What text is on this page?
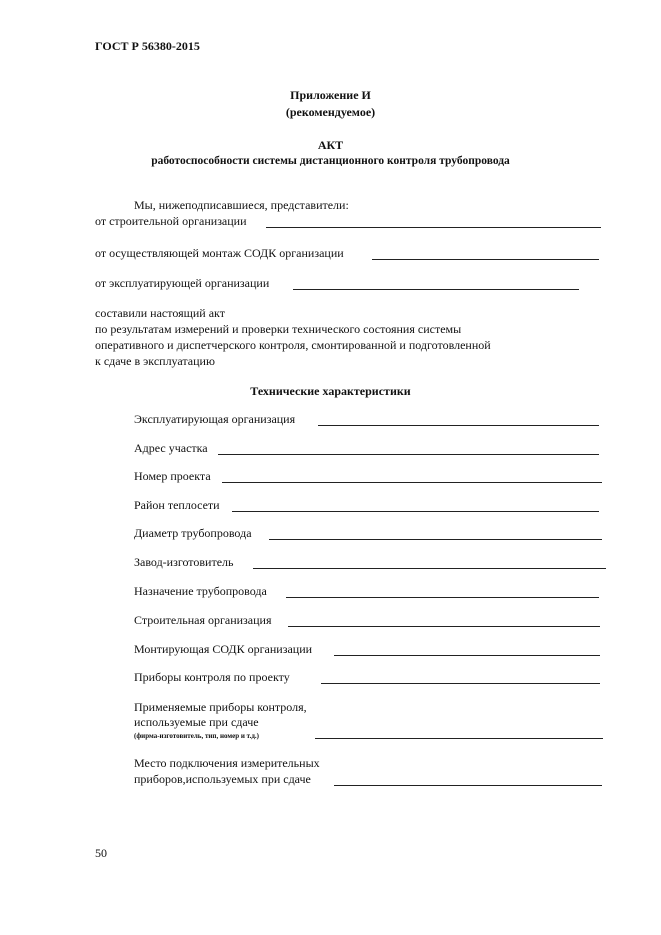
ГОСТ Р 56380-2015
Приложение И
(рекомендуемое)
АКТ
работоспособности системы дистанционного контроля трубопровода
Мы, нижеподписавшиеся, представители:
от строительной организации
от осуществляющей монтаж СОДК организации
от эксплуатирующей организации
составили настоящий акт
по результатам измерений и проверки технического состояния системы
оперативного и диспетчерского контроля, смонтированной и подготовленной
к сдаче в эксплуатацию
Технические характеристики
Эксплуатирующая организация
Адрес участка
Номер проекта
Район теплосети
Диаметр трубопровода
Завод-изготовитель
Назначение трубопровода
Строительная организация
Монтирующая СОДК организации
Приборы контроля по проекту
Применяемые приборы контроля,
используемые при сдаче
(фирма-изготовитель, тип, номер и т.д.)
Место подключения измерительных
приборов,используемых при сдаче
50
